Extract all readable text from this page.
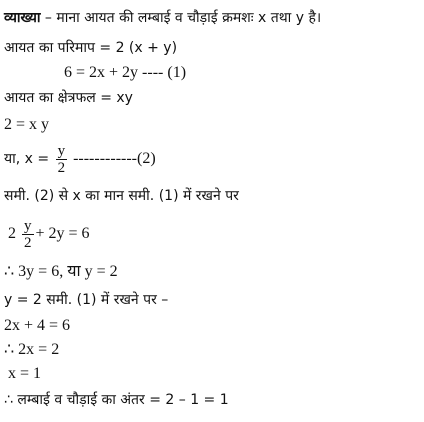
व्याख्या – माना आयत की लम्बाई व चौड़ाई क्रमशः x तथा y है।
आयत का परिमाप = 2 (x + y)
6 = 2x + 2y ---- (1)
आयत का क्षेत्रफल = xy
2 = x y
या, $x = \frac{y}{2} ------------(2)$
समी. (2) से x का मान समी. (1) में रखने पर
$2 \frac{y}{2} + 2y = 6$
∴ 3y = 6, या y = 2
y = 2 समी. (1) में रखने पर –
2x + 4 = 6
∴ 2x = 2
x = 1
∴ लम्बाई व चौड़ाई का अंतर = 2 – 1 = 1
